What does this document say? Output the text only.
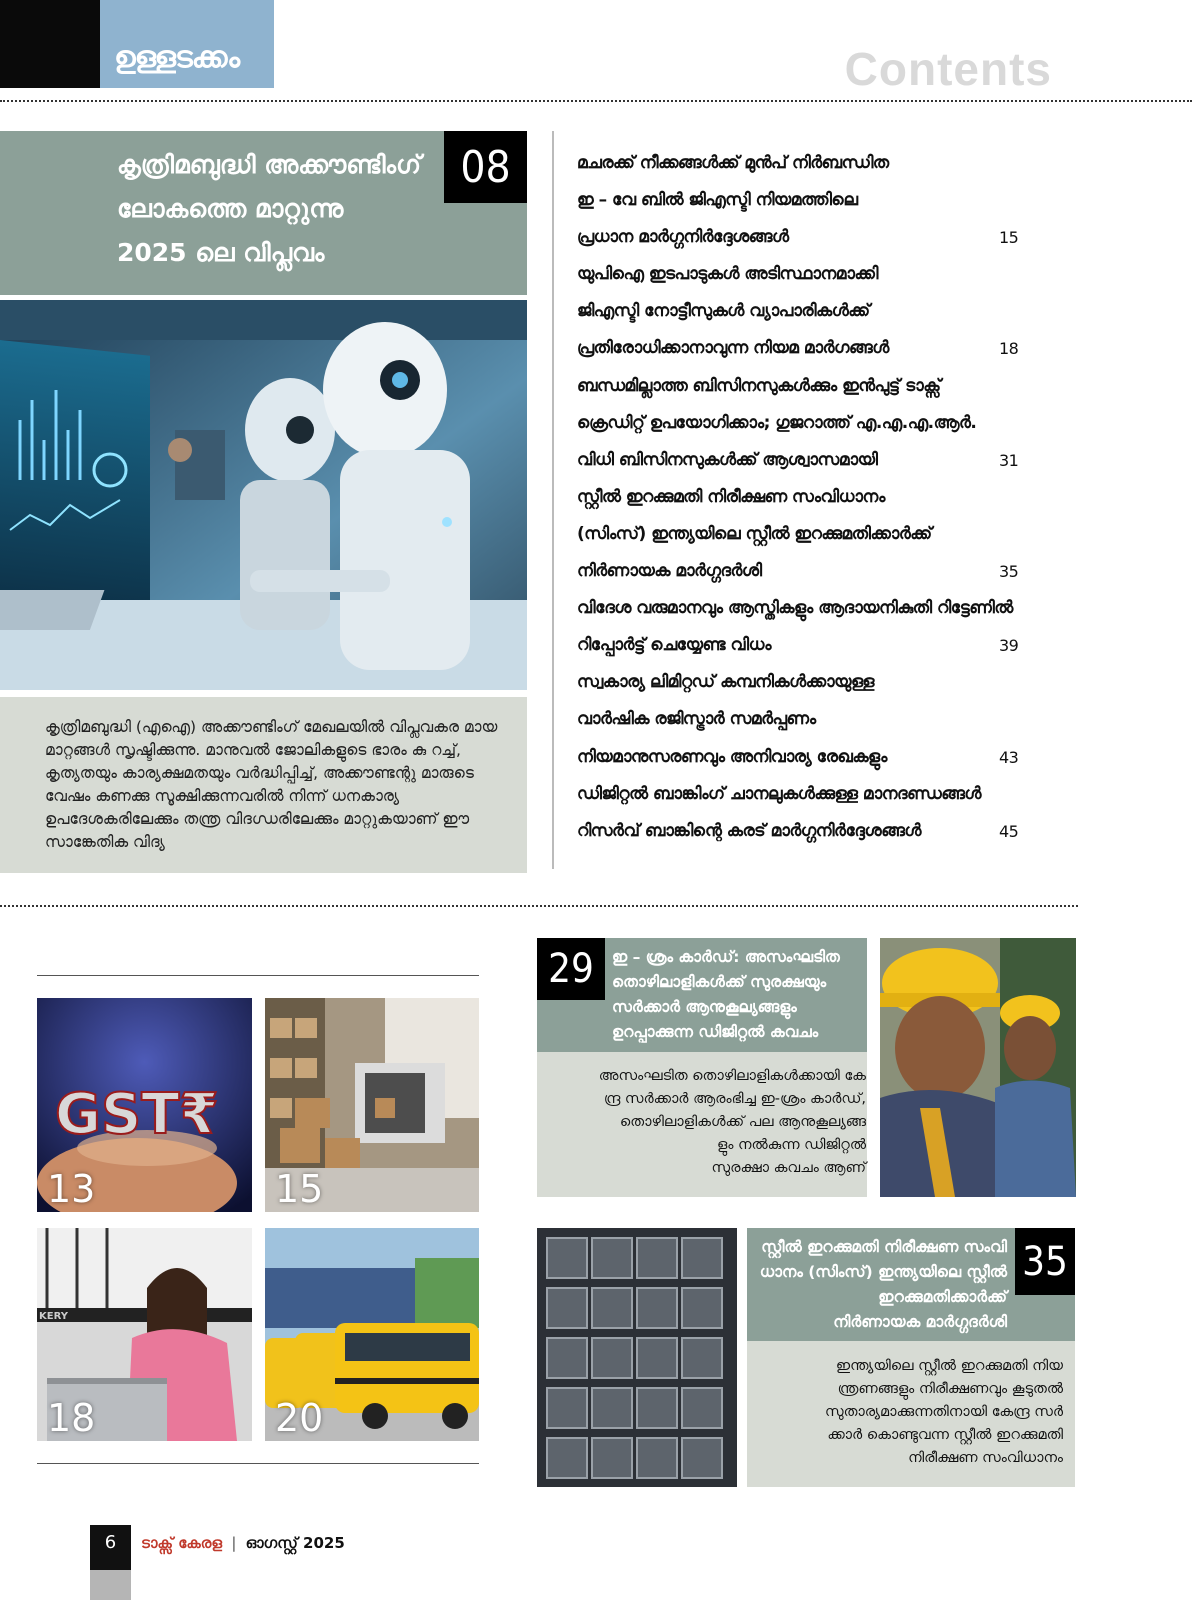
ഉള്ളടക്കം	Contents
കൃത്രിമബുദ്ധി അക്കൗണ്ടിംഗ്
ലോകത്തെ മാറ്റുന്നു
2025 ലെ വിപ്ലവം
08
കൃത്രിമബുദ്ധി (എഐ) അക്കൗണ്ടിംഗ് മേഖലയിൽ വിപ്ലവകര മായ മാറ്റങ്ങൾ സൃഷ്ടിക്കുന്നു. മാനുവൽ ജോലികളുടെ ഭാരം കു റച്ച്, കൃത്യതയും കാര്യക്ഷമതയും വർദ്ധിപ്പിച്ച്, അക്കൗണ്ടന്റു മാരുടെ വേഷം കണക്കു സൂക്ഷിക്കുന്നവരിൽ നിന്ന് ധനകാര്യ ഉപദേശകരിലേക്കും തന്ത്ര വിദഗ്ധരിലേക്കും മാറ്റുകയാണ് ഈ സാങ്കേതിക വിദ്യ
മചരക്ക് നീക്കങ്ങൾക്ക് മുൻപ് നിർബന്ധിത
ഇ – വേ ബിൽ ജിഎസ്ടി നിയമത്തിലെ
പ്രധാന മാർഗ്ഗനിർദ്ദേശങ്ങൾ	15
യുപിഐ ഇടപാടുകൾ അടിസ്ഥാനമാക്കി
ജിഎസ്ടി നോട്ടീസുകൾ വ്യാപാരികൾക്ക്
പ്രതിരോധിക്കാനാവുന്ന നിയമ മാർഗങ്ങൾ	18
ബന്ധമില്ലാത്ത ബിസിനസുകൾക്കും ഇൻപുട്ട് ടാക്സ്
ക്രെഡിറ്റ് ഉപയോഗിക്കാം; ഗുജറാത്ത് എ.എ.എ.ആർ.
വിധി ബിസിനസുകൾക്ക് ആശ്വാസമായി	31
സ്റ്റീൽ ഇറക്കുമതി നിരീക്ഷണ സംവിധാനം
(സിംസ്) ഇന്ത്യയിലെ സ്റ്റീൽ ഇറക്കുമതിക്കാർക്ക്
നിർണായക മാർഗ്ഗദർശി	35
വിദേശ വരുമാനവും ആസ്തികളും ആദായനികുതി റിട്ടേണിൽ
റിപ്പോർട്ട് ചെയ്യേണ്ട വിധം	39
സ്വകാര്യ ലിമിറ്റഡ് കമ്പനികൾക്കായുള്ള
വാർഷിക രജിസ്ട്രാർ സമർപ്പണം
നിയമാനുസരണവും അനിവാര്യ രേഖകളും	43
ഡിജിറ്റൽ ബാങ്കിംഗ് ചാനലുകൾക്കുള്ള മാനദണ്ഡങ്ങൾ
റിസർവ് ബാങ്കിന്റെ കരട് മാർഗ്ഗനിർദ്ദേശങ്ങൾ	45
GST₹
13	15
KERY
18	20
29	ഇ – ശ്രം കാർഡ്: അസംഘടിത
തൊഴിലാളികൾക്ക് സുരക്ഷയും
സർക്കാർ ആനുകൂല്യങ്ങളും
ഉറപ്പാക്കുന്ന ഡിജിറ്റൽ കവചം
അസംഘടിത തൊഴിലാളികൾക്കായി കേ
ന്ദ്ര സർക്കാർ ആരംഭിച്ച ഇ-ശ്രം കാർഡ്,
തൊഴിലാളികൾക്ക് പല ആനുകൂല്യങ്ങ
ളും നൽകുന്ന ഡിജിറ്റൽ
സുരക്ഷാ കവചം ആണ്
35
സ്റ്റീൽ ഇറക്കുമതി നിരീക്ഷണ സംവി
ധാനം (സിംസ്) ഇന്ത്യയിലെ സ്റ്റീൽ
ഇറക്കുമതിക്കാർക്ക്
നിർണായക മാർഗ്ഗദർശി
ഇന്ത്യയിലെ സ്റ്റീൽ ഇറക്കുമതി നിയ
ന്ത്രണങ്ങളും നിരീക്ഷണവും കൂടുതൽ
സുതാര്യമാക്കുന്നതിനായി കേന്ദ്ര സർ
ക്കാർ കൊണ്ടുവന്ന സ്റ്റീൽ ഇറക്കുമതി
നിരീക്ഷണ സംവിധാനം
6	ടാക്സ് കേരള | ഓഗസ്റ്റ് 2025
